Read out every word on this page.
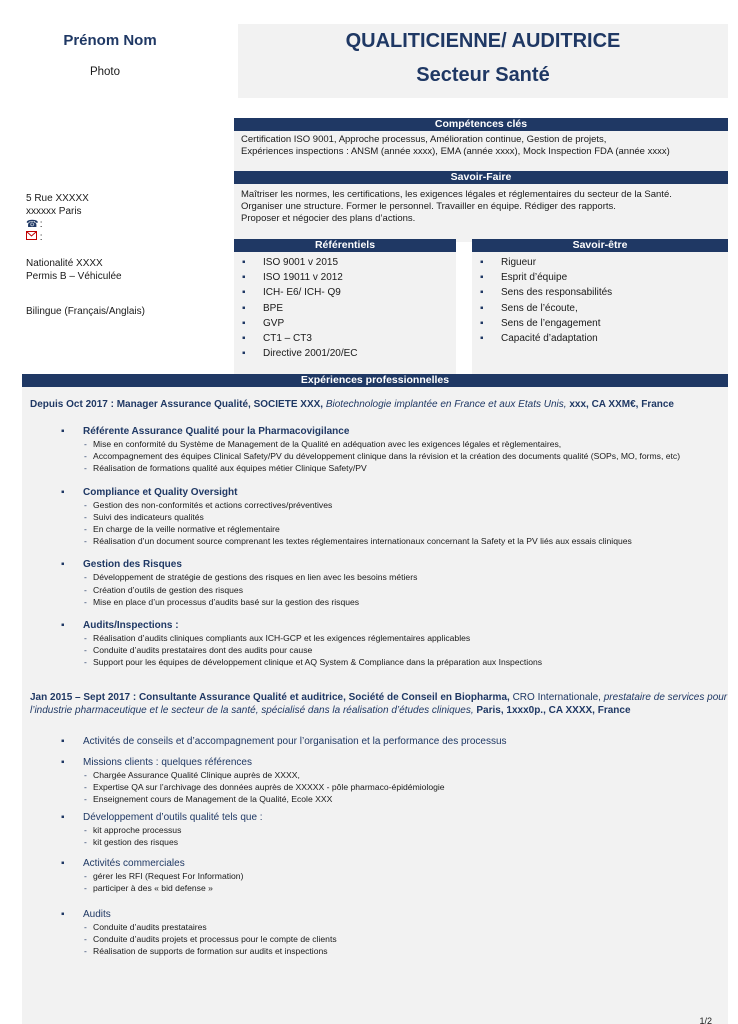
Prénom Nom
Photo
QUALITICIENNE/ AUDITRICE
Secteur Santé
Compétences clés
Certification ISO 9001, Approche processus, Amélioration continue, Gestion de projets,
Expériences inspections : ANSM (année xxxx), EMA (année xxxx), Mock Inspection FDA (année xxxx)
Savoir-Faire
Maîtriser les normes, les certifications, les exigences légales et réglementaires du secteur de la Santé.
Organiser une structure. Former le personnel. Travailler en équipe. Rédiger des rapports.
Proposer et négocier des plans d’actions.
Référentiels
▪ ISO 9001 v 2015
▪ ISO 19011 v 2012
▪ ICH- E6/ ICH- Q9
▪ BPE
▪ GVP
▪ CT1 – CT3
▪ Directive 2001/20/EC
Savoir-être
▪ Rigueur
▪ Esprit d’équipe
▪ Sens des responsabilités
▪ Sens de l’écoute,
▪ Sens de l’engagement
▪ Capacité d’adaptation
5 Rue XXXXX
xxxxxx Paris
☎ :
:
Nationalité XXXX
Permis B – Véhiculée
Bilingue (Français/Anglais)
Expériences professionnelles
Depuis Oct 2017 : Manager Assurance Qualité, SOCIETE XXX, Biotechnologie implantée en France et aux Etats Unis, xxx, CA XXM€, France
▪ Référente Assurance Qualité pour la Pharmacovigilance
- Mise en conformité du Système de Management de la Qualité en adéquation avec les exigences légales et règlementaires,
- Accompagnement des équipes Clinical Safety/PV du développement clinique dans la révision et la création des documents qualité (SOPs, MO, forms, etc)
- Réalisation de formations qualité aux équipes métier Clinique Safety/PV
▪ Compliance et Quality Oversight
- Gestion des non-conformités et actions correctives/préventives
- Suivi des indicateurs qualités
- En charge de la veille normative et réglementaire
- Réalisation d’un document source comprenant les textes réglementaires internationaux concernant la Safety et la PV liés aux essais cliniques
▪ Gestion des Risques
- Développement de stratégie de gestions des risques en lien avec les besoins métiers
- Création d’outils de gestion des risques
- Mise en place d’un processus d’audits basé sur la gestion des risques
▪ Audits/Inspections :
- Réalisation d’audits cliniques compliants aux ICH-GCP et les exigences réglementaires applicables
- Conduite d’audits prestataires dont des audits pour cause
- Support pour les équipes de développement clinique et AQ System & Compliance dans la préparation aux Inspections
Jan 2015 – Sept 2017 : Consultante Assurance Qualité et auditrice, Société de Conseil en Biopharma, CRO Internationale, prestataire de services pour l’industrie pharmaceutique et le secteur de la santé, spécialisé dans la réalisation d’études cliniques, Paris, 1xxx0p., CA XXXX, France
▪ Activités de conseils et d’accompagnement pour l’organisation et la performance des processus
▪ Missions clients : quelques références
- Chargée Assurance Qualité Clinique auprès de XXXX,
- Expertise QA sur l’archivage des données auprès de XXXXX - pôle pharmaco-épidémiologie
- Enseignement cours de Management de la Qualité, Ecole XXX
▪ Développement d’outils qualité tels que :
- kit approche processus
- kit gestion des risques
▪ Activités commerciales
- gérer les RFI (Request For Information)
- participer à des « bid defense »
▪ Audits
- Conduite d’audits prestataires
- Conduite d’audits projets et processus pour le compte de clients
- Réalisation de supports de formation sur audits et inspections
1/2
